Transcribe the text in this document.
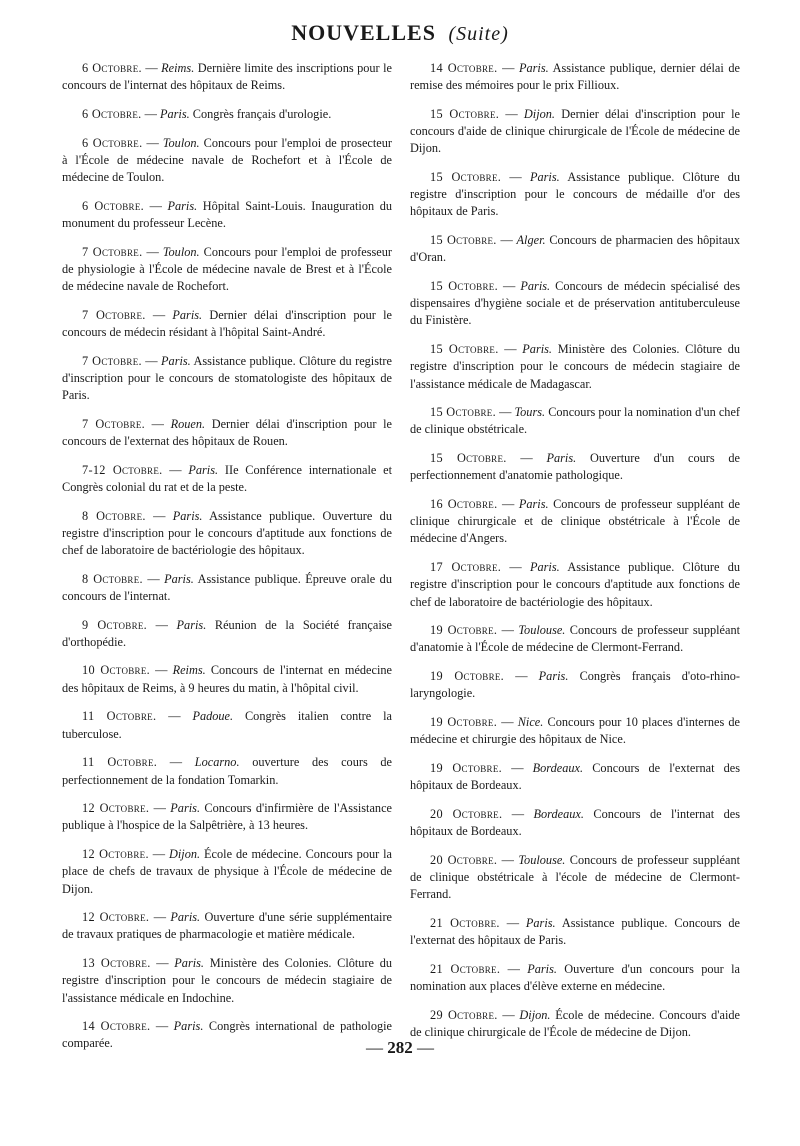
NOUVELLES (Suite)

6 Octobre. — Reims. Dernière limite des inscriptions pour le concours de l'internat des hôpitaux de Reims.

6 Octobre. — Paris. Congrès français d'urologie.

6 Octobre. — Toulon. Concours pour l'emploi de prosecteur à l'École de médecine navale de Rochefort et à l'École de médecine de Toulon.

6 Octobre. — Paris. Hôpital Saint-Louis. Inauguration du monument du professeur Lecène.

7 Octobre. — Toulon. Concours pour l'emploi de professeur de physiologie à l'École de médecine navale de Brest et à l'École de médecine navale de Rochefort.

7 Octobre. — Paris. Dernier délai d'inscription pour le concours de médecin résidant à l'hôpital Saint-André.

7 Octobre. — Paris. Assistance publique. Clôture du registre d'inscription pour le concours de stomatologiste des hôpitaux de Paris.

7 Octobre. — Rouen. Dernier délai d'inscription pour le concours de l'externat des hôpitaux de Rouen.

7-12 Octobre. — Paris. IIe Conférence internationale et Congrès colonial du rat et de la peste.

8 Octobre. — Paris. Assistance publique. Ouverture du registre d'inscription pour le concours d'aptitude aux fonctions de chef de laboratoire de bactériologie des hôpitaux.

8 Octobre. — Paris. Assistance publique. Épreuve orale du concours de l'internat.

9 Octobre. — Paris. Réunion de la Société française d'orthopédie.

10 Octobre. — Reims. Concours de l'internat en médecine des hôpitaux de Reims, à 9 heures du matin, à l'hôpital civil.

11 Octobre. — Padoue. Congrès italien contre la tuberculose.

11 Octobre. — Locarno. ouverture des cours de perfectionnement de la fondation Tomarkin.

12 Octobre. — Paris. Concours d'infirmière de l'Assistance publique à l'hospice de la Salpêtrière, à 13 heures.

12 Octobre. — Dijon. École de médecine. Concours pour la place de chefs de travaux de physique à l'École de médecine de Dijon.

12 Octobre. — Paris. Ouverture d'une série supplémentaire de travaux pratiques de pharmacologie et matière médicale.

13 Octobre. — Paris. Ministère des Colonies. Clôture du registre d'inscription pour le concours de médecin stagiaire de l'assistance médicale en Indochine.

14 Octobre. — Paris. Congrès international de pathologie comparée.

14 Octobre. — Paris. Assistance publique, dernier délai de remise des mémoires pour le prix Fillioux.

15 Octobre. — Dijon. Dernier délai d'inscription pour le concours d'aide de clinique chirurgicale de l'École de médecine de Dijon.

15 Octobre. — Paris. Assistance publique. Clôture du registre d'inscription pour le concours de médaille d'or des hôpitaux de Paris.

15 Octobre. — Alger. Concours de pharmacien des hôpitaux d'Oran.

15 Octobre. — Paris. Concours de médecin spécialisé des dispensaires d'hygiène sociale et de préservation antituberculeuse du Finistère.

15 Octobre. — Paris. Ministère des Colonies. Clôture du registre d'inscription pour le concours de médecin stagiaire de l'assistance médicale de Madagascar.

15 Octobre. — Tours. Concours pour la nomination d'un chef de clinique obstétricale.

15 Octobre. — Paris. Ouverture d'un cours de perfectionnement d'anatomie pathologique.

16 Octobre. — Paris. Concours de professeur suppléant de clinique chirurgicale et de clinique obstétricale à l'École de médecine d'Angers.

17 Octobre. — Paris. Assistance publique. Clôture du registre d'inscription pour le concours d'aptitude aux fonctions de chef de laboratoire de bactériologie des hôpitaux.

19 Octobre. — Toulouse. Concours de professeur suppléant d'anatomie à l'École de médecine de Clermont-Ferrand.

19 Octobre. — Paris. Congrès français d'oto-rhino-laryngologie.

19 Octobre. — Nice. Concours pour 10 places d'internes de médecine et chirurgie des hôpitaux de Nice.

19 Octobre. — Bordeaux. Concours de l'externat des hôpitaux de Bordeaux.

20 Octobre. — Bordeaux. Concours de l'internat des hôpitaux de Bordeaux.

20 Octobre. — Toulouse. Concours de professeur suppléant de clinique obstétricale à l'école de médecine de Clermont-Ferrand.

21 Octobre. — Paris. Assistance publique. Concours de l'externat des hôpitaux de Paris.

21 Octobre. — Paris. Ouverture d'un concours pour la nomination aux places d'élève externe en médecine.

29 Octobre. — Dijon. École de médecine. Concours d'aide de clinique chirurgicale de l'École de médecine de Dijon.

— 282 —
